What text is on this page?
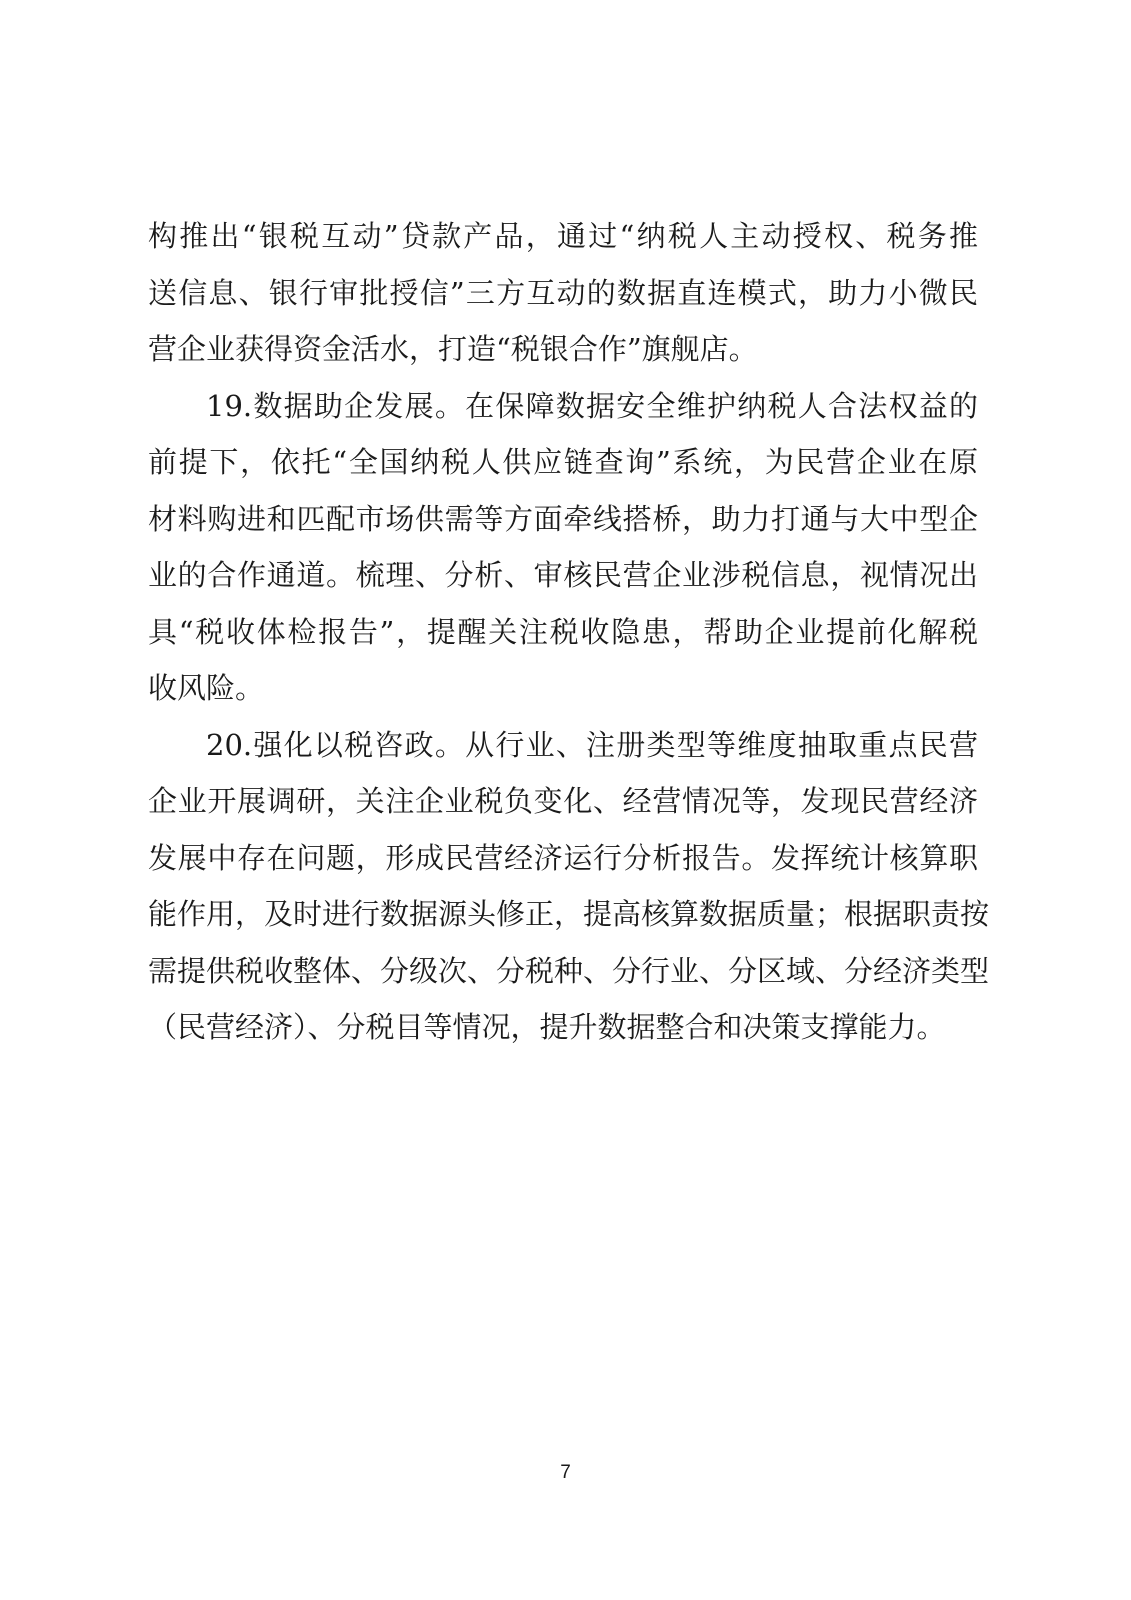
构推出“银税互动”贷款产品，通过“纳税人主动授权、税务推
送信息、银行审批授信”三方互动的数据直连模式，助力小微民
营企业获得资金活水，打造“税银合作”旗舰店。
19.数据助企发展。在保障数据安全维护纳税人合法权益的
前提下，依托“全国纳税人供应链查询”系统，为民营企业在原
材料购进和匹配市场供需等方面牵线搭桥，助力打通与大中型企
业的合作通道。梳理、分析、审核民营企业涉税信息，视情况出
具“税收体检报告”，提醒关注税收隐患，帮助企业提前化解税
收风险。
20.强化以税咨政。从行业、注册类型等维度抽取重点民营
企业开展调研，关注企业税负变化、经营情况等，发现民营经济
发展中存在问题，形成民营经济运行分析报告。发挥统计核算职
能作用，及时进行数据源头修正，提高核算数据质量；根据职责按
需提供税收整体、分级次、分税种、分行业、分区域、分经济类型
（民营经济）、分税目等情况，提升数据整合和决策支撑能力。
7
